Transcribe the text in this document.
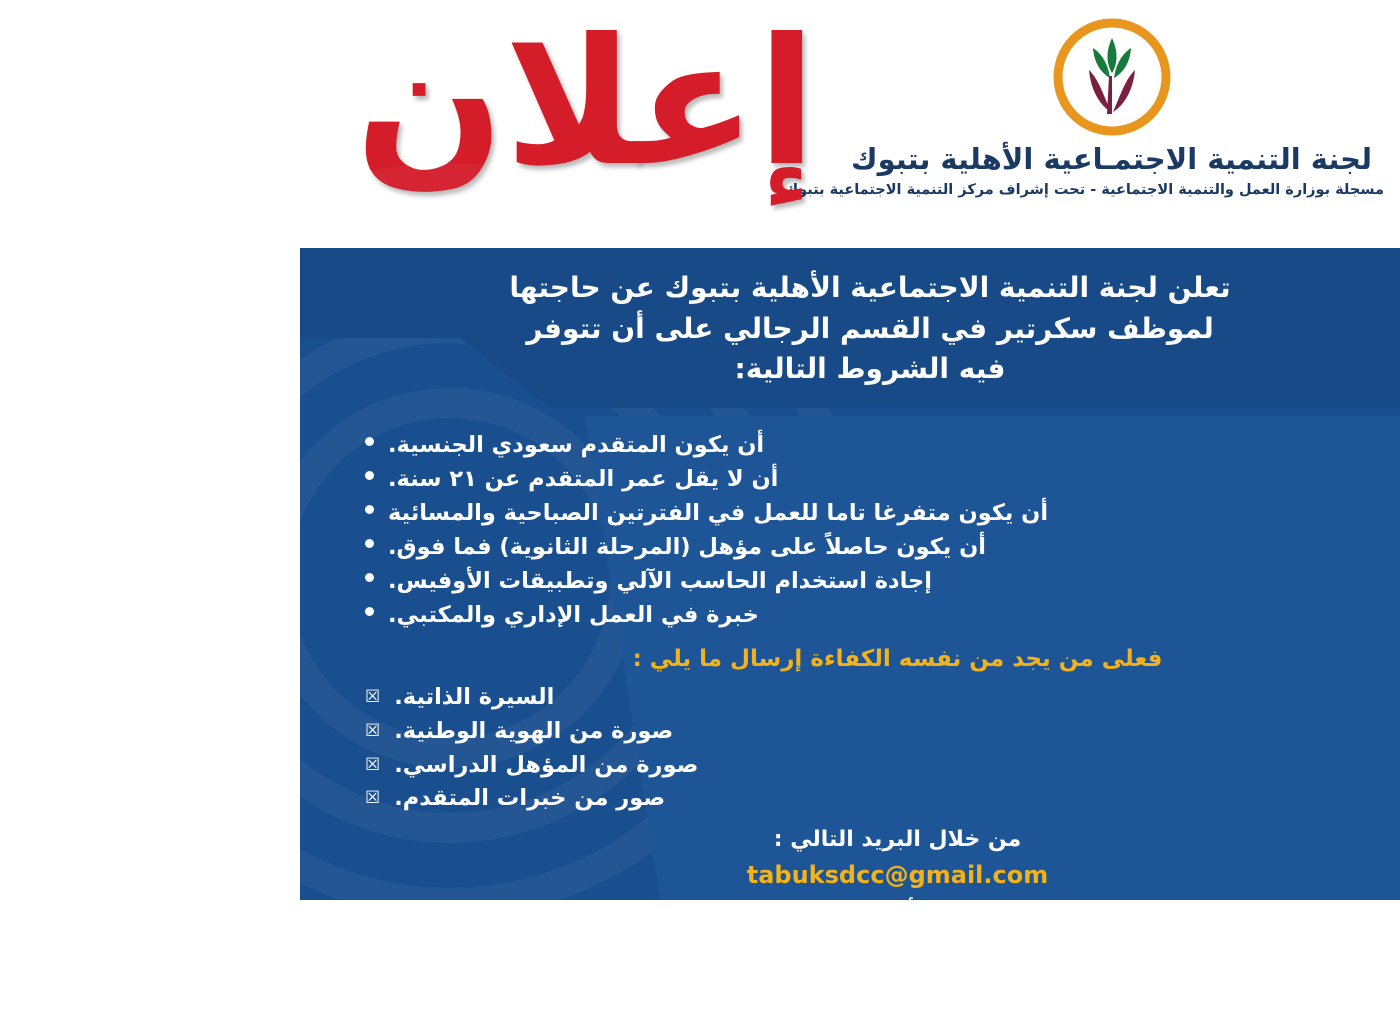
لجنة التنمية الاجتمـاعية الأهلية بتبوك
مسجلة بوزارة العمل والتنمية الاجتماعية - تحت إشراف مركز التنمية الاجتماعية بتبوك
إعلان
تعلن لجنة التنمية الاجتماعية الأهلية بتبوك عن حاجتها
لموظف سكرتير في القسم الرجالي على أن تتوفر
فيه الشروط التالية:
أن يكون المتقدم سعودي الجنسية.
أن لا يقل عمر المتقدم عن ٢١ سنة.
أن يكون متفرغا تاما للعمل في الفترتين الصباحية والمسائية
أن يكون حاصلاً على مؤهل (المرحلة الثانوية) فما فوق.
إجادة استخدام الحاسب الآلي وتطبيقات الأوفيس.
خبرة في العمل الإداري والمكتبي.
فعلى من يجد من نفسه الكفاءة إرسال ما يلي :
السيرة الذاتية.
☒
صورة من الهوية الوطنية.
☒
صورة من المؤهل الدراسي.
☒
صور من خبرات المتقدم.
☒
من خلال البريد التالي :
tabuksdcc@gmail.com
وذلك في موعد أقصاه 1438/4/1هـ
